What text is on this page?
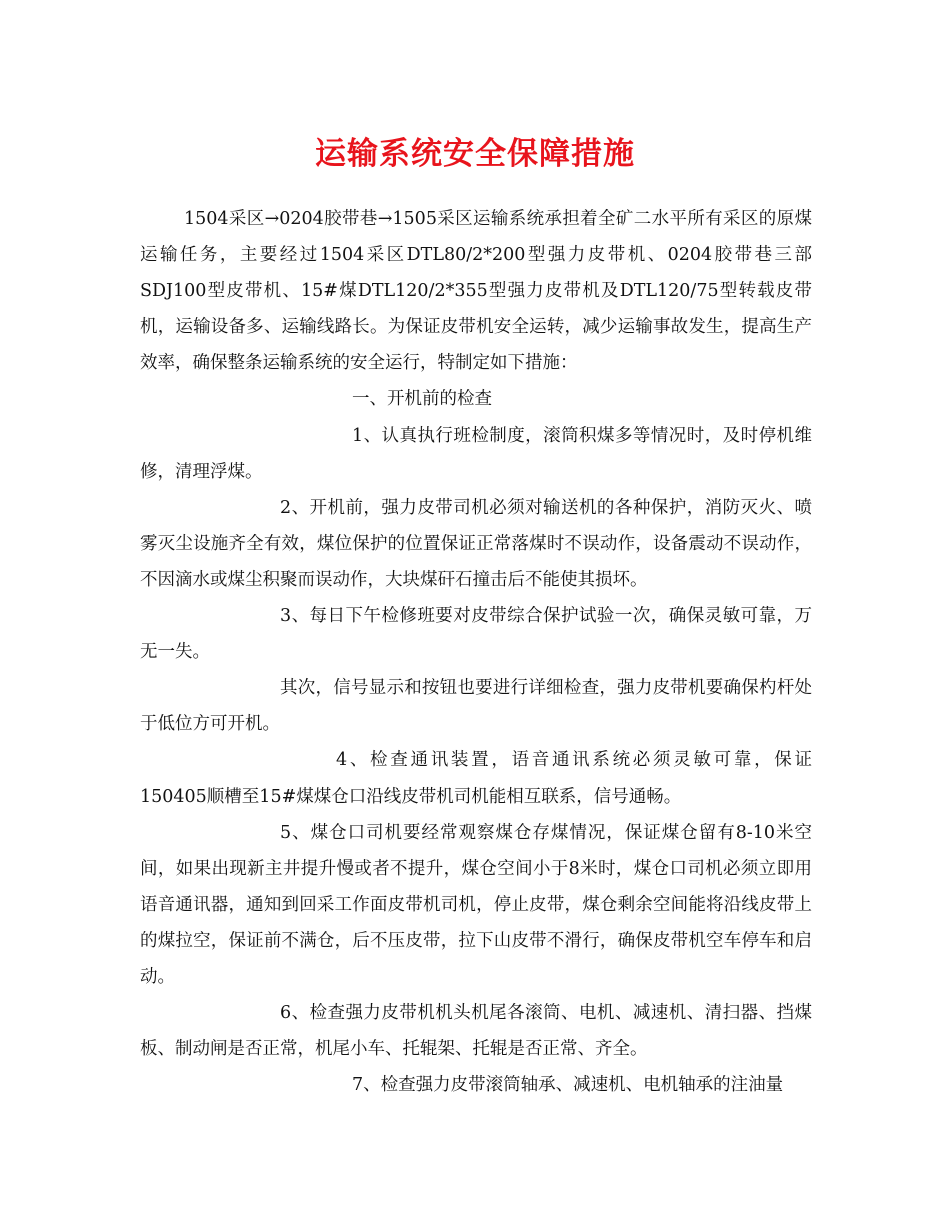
运输系统安全保障措施

1504采区→0204胶带巷→1505采区运输系统承担着全矿二水平所有采区的原煤运输任务，主要经过1504采区DTL80/2*200型强力皮带机、0204胶带巷三部SDJ100型皮带机、15#煤DTL120/2*355型强力皮带机及DTL120/75型转载皮带机，运输设备多、运输线路长。为保证皮带机安全运转，减少运输事故发生，提高生产效率，确保整条运输系统的安全运行，特制定如下措施：

一、开机前的检查

1、认真执行班检制度，滚筒积煤多等情况时，及时停机维修，清理浮煤。

2、开机前，强力皮带司机必须对输送机的各种保护，消防灭火、喷雾灭尘设施齐全有效，煤位保护的位置保证正常落煤时不误动作，设备震动不误动作，不因滴水或煤尘积聚而误动作，大块煤矸石撞击后不能使其损坏。

3、每日下午检修班要对皮带综合保护试验一次，确保灵敏可靠，万无一失。

其次，信号显示和按钮也要进行详细检查，强力皮带机要确保杓杆处于低位方可开机。

4、检查通讯装置，语音通讯系统必须灵敏可靠，保证150405顺槽至15#煤煤仓口沿线皮带机司机能相互联系，信号通畅。

5、煤仓口司机要经常观察煤仓存煤情况，保证煤仓留有8-10米空间，如果出现新主井提升慢或者不提升，煤仓空间小于8米时，煤仓口司机必须立即用语音通讯器，通知到回采工作面皮带机司机，停止皮带，煤仓剩余空间能将沿线皮带上的煤拉空，保证前不满仓，后不压皮带，拉下山皮带不滑行，确保皮带机空车停车和启动。

6、检查强力皮带机机头机尾各滚筒、电机、减速机、清扫器、挡煤板、制动闸是否正常，机尾小车、托辊架、托辊是否正常、齐全。

7、检查强力皮带滚筒轴承、减速机、电机轴承的注油量
